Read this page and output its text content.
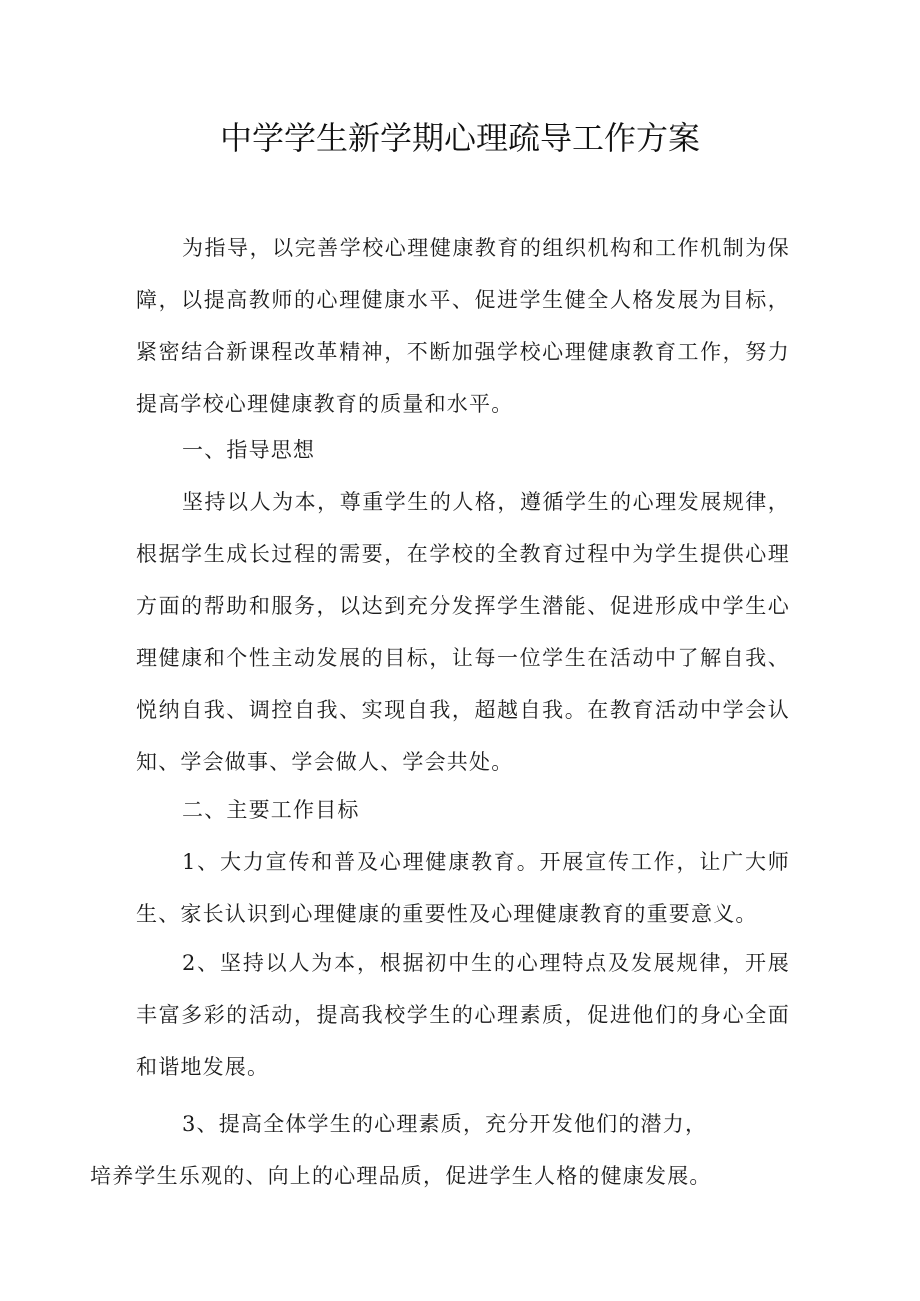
中学学生新学期心理疏导工作方案

为指导，以完善学校心理健康教育的组织机构和工作机制为保障，以提高教师的心理健康水平、促进学生健全人格发展为目标，紧密结合新课程改革精神，不断加强学校心理健康教育工作，努力提高学校心理健康教育的质量和水平。

一、指导思想

坚持以人为本，尊重学生的人格，遵循学生的心理发展规律，根据学生成长过程的需要，在学校的全教育过程中为学生提供心理方面的帮助和服务，以达到充分发挥学生潜能、促进形成中学生心理健康和个性主动发展的目标，让每一位学生在活动中了解自我、悦纳自我、调控自我、实现自我，超越自我。在教育活动中学会认知、学会做事、学会做人、学会共处。

二、主要工作目标

1、大力宣传和普及心理健康教育。开展宣传工作，让广大师生、家长认识到心理健康的重要性及心理健康教育的重要意义。

2、坚持以人为本，根据初中生的心理特点及发展规律，开展丰富多彩的活动，提高我校学生的心理素质，促进他们的身心全面和谐地发展。

3、提高全体学生的心理素质，充分开发他们的潜力，
培养学生乐观的、向上的心理品质，促进学生人格的健康发展。
